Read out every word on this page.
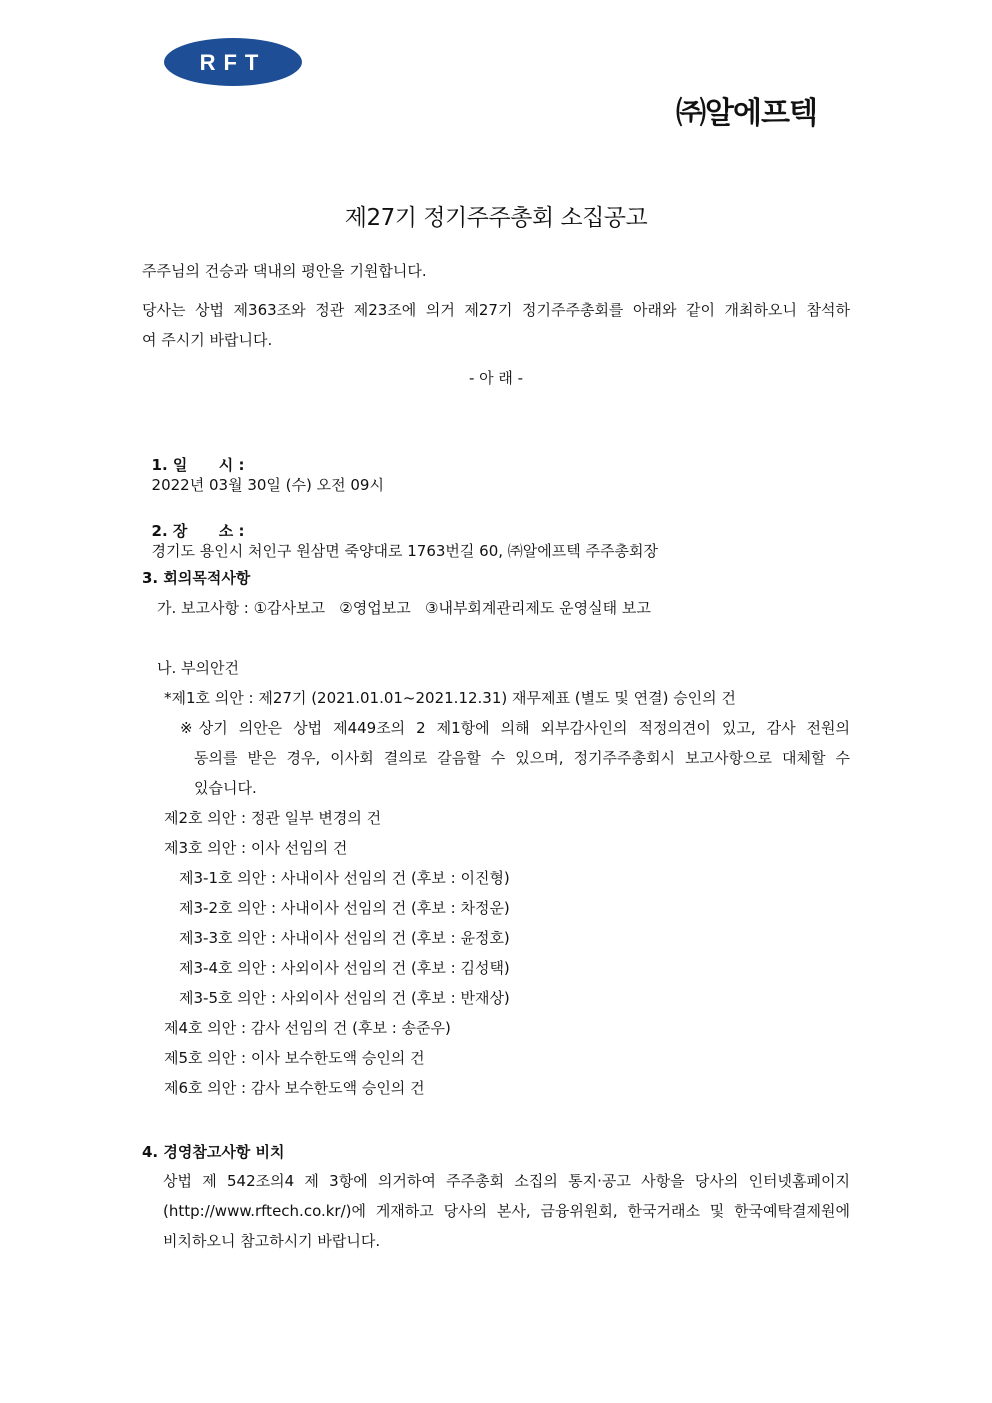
RFT
㈜알에프텍
제27기 정기주주총회 소집공고
주주님의 건승과 댁내의 평안을 기원합니다.
당사는 상법 제363조와 정관 제23조에 의거 제27기 정기주주총회를 아래와 같이 개최하오니 참석하
여 주시기 바랍니다.
- 아 래 -

1. 일      시 :
2022년 03월 30일 (수) 오전 09시

2. 장      소 :
경기도 용인시 처인구 원삼면 죽양대로 1763번길 60, ㈜알에프텍 주주총회장

3. 회의목적사항
가. 보고사항 : ①감사보고   ②영업보고   ③내부회계관리제도 운영실태 보고
나. 부의안건
*제1호 의안 : 제27기 (2021.01.01~2021.12.31) 재무제표 (별도 및 연결) 승인의 건
※상기 의안은 상법 제449조의 2 제1항에 의해 외부감사인의 적정의견이 있고, 감사 전원의
동의를 받은 경우, 이사회 결의로 갈음할 수 있으며, 정기주주총회시 보고사항으로 대체할 수
있습니다.
제2호 의안 : 정관 일부 변경의 건
제3호 의안 : 이사 선임의 건
제3-1호 의안 : 사내이사 선임의 건 (후보 : 이진형)
제3-2호 의안 : 사내이사 선임의 건 (후보 : 차정운)
제3-3호 의안 : 사내이사 선임의 건 (후보 : 윤정호)
제3-4호 의안 : 사외이사 선임의 건 (후보 : 김성택)
제3-5호 의안 : 사외이사 선임의 건 (후보 : 반재상)
제4호 의안 : 감사 선임의 건 (후보 : 송준우)
제5호 의안 : 이사 보수한도액 승인의 건
제6호 의안 : 감사 보수한도액 승인의 건
4. 경영참고사항 비치
상법 제 542조의4 제 3항에 의거하여 주주총회 소집의 통지·공고 사항을 당사의 인터넷홈페이지
(http://www.rftech.co.kr/)에 게재하고 당사의 본사, 금융위원회, 한국거래소 및 한국예탁결제원에
비치하오니 참고하시기 바랍니다.
